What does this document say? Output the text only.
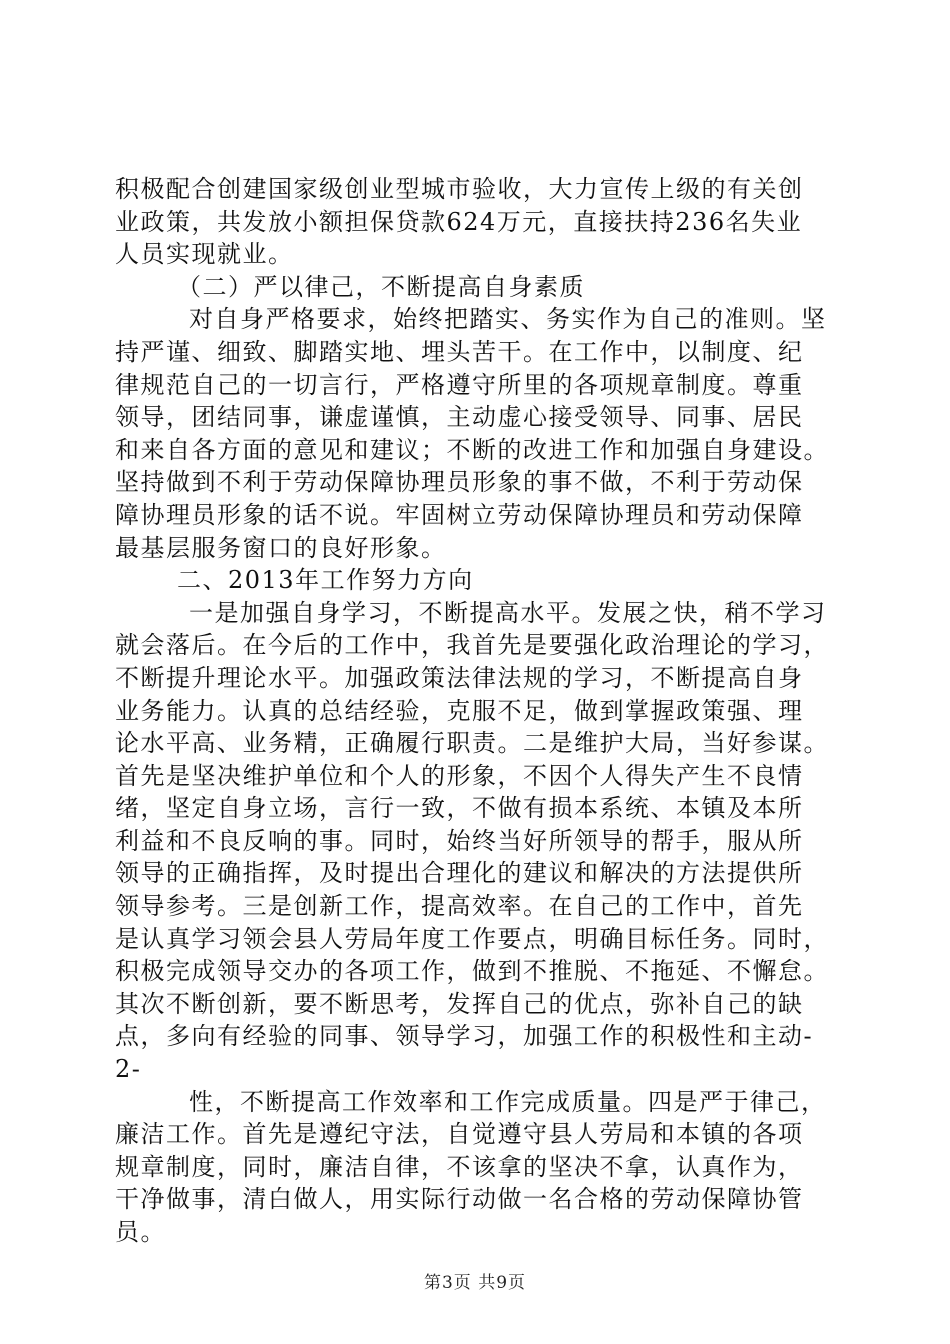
积极配合创建国家级创业型城市验收，大力宣传上级的有关创
业政策，共发放小额担保贷款624万元，直接扶持236名失业
人员实现就业。
（二）严以律己，不断提高自身素质
对自身严格要求，始终把踏实、务实作为自己的准则。坚
持严谨、细致、脚踏实地、埋头苦干。在工作中，以制度、纪
律规范自己的一切言行，严格遵守所里的各项规章制度。尊重
领导，团结同事，谦虚谨慎，主动虚心接受领导、同事、居民
和来自各方面的意见和建议；不断的改进工作和加强自身建设。
坚持做到不利于劳动保障协理员形象的事不做，不利于劳动保
障协理员形象的话不说。牢固树立劳动保障协理员和劳动保障
最基层服务窗口的良好形象。
二、2013年工作努力方向
一是加强自身学习，不断提高水平。发展之快，稍不学习
就会落后。在今后的工作中，我首先是要强化政治理论的学习，
不断提升理论水平。加强政策法律法规的学习，不断提高自身
业务能力。认真的总结经验，克服不足，做到掌握政策强、理
论水平高、业务精，正确履行职责。二是维护大局，当好参谋。
首先是坚决维护单位和个人的形象，不因个人得失产生不良情
绪，坚定自身立场，言行一致，不做有损本系统、本镇及本所
利益和不良反响的事。同时，始终当好所领导的帮手，服从所
领导的正确指挥，及时提出合理化的建议和解决的方法提供所
领导参考。三是创新工作，提高效率。在自己的工作中，首先
是认真学习领会县人劳局年度工作要点，明确目标任务。同时，
积极完成领导交办的各项工作，做到不推脱、不拖延、不懈怠。
其次不断创新，要不断思考，发挥自己的优点，弥补自己的缺
点，多向有经验的同事、领导学习，加强工作的积极性和主动-
2-
性，不断提高工作效率和工作完成质量。四是严于律己，
廉洁工作。首先是遵纪守法，自觉遵守县人劳局和本镇的各项
规章制度，同时，廉洁自律，不该拿的坚决不拿，认真作为，
干净做事，清白做人，用实际行动做一名合格的劳动保障协管
员。
第3页 共9页
